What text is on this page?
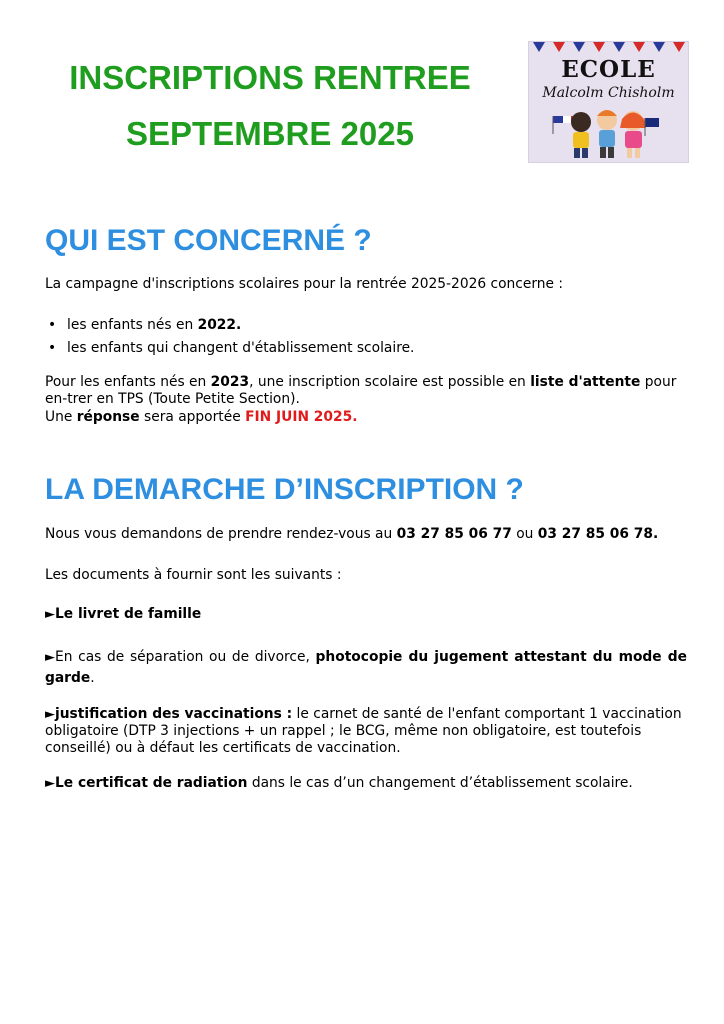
INSCRIPTIONS RENTREE
SEPTEMBRE 2025
ECOLE
Malcolm Chisholm
QUI EST CONCERNÉ ?

La campagne d'inscriptions scolaires pour la rentrée 2025-2026 concerne :

• les enfants nés en 2022.
• les enfants qui changent d'établissement scolaire.

Pour les enfants nés en 2023, une inscription scolaire est possible en liste d'attente pour en-trer en TPS (Toute Petite Section).

Une réponse sera apportée FIN JUIN 2025.

LA DEMARCHE D’INSCRIPTION ?

Nous vous demandons de prendre rendez-vous au 03 27 85 06 77 ou 03 27 85 06 78.

Les documents à fournir sont les suivants :

►Le livret de famille

►En cas de séparation ou de divorce, photocopie du jugement attestant du mode de garde.

►justification des vaccinations : le carnet de santé de l'enfant comportant 1 vaccination obligatoire (DTP 3 injections + un rappel ; le BCG, même non obligatoire, est toutefois conseillé) ou à défaut les certificats de vaccination.

►Le certificat de radiation dans le cas d’un changement d’établissement scolaire.
